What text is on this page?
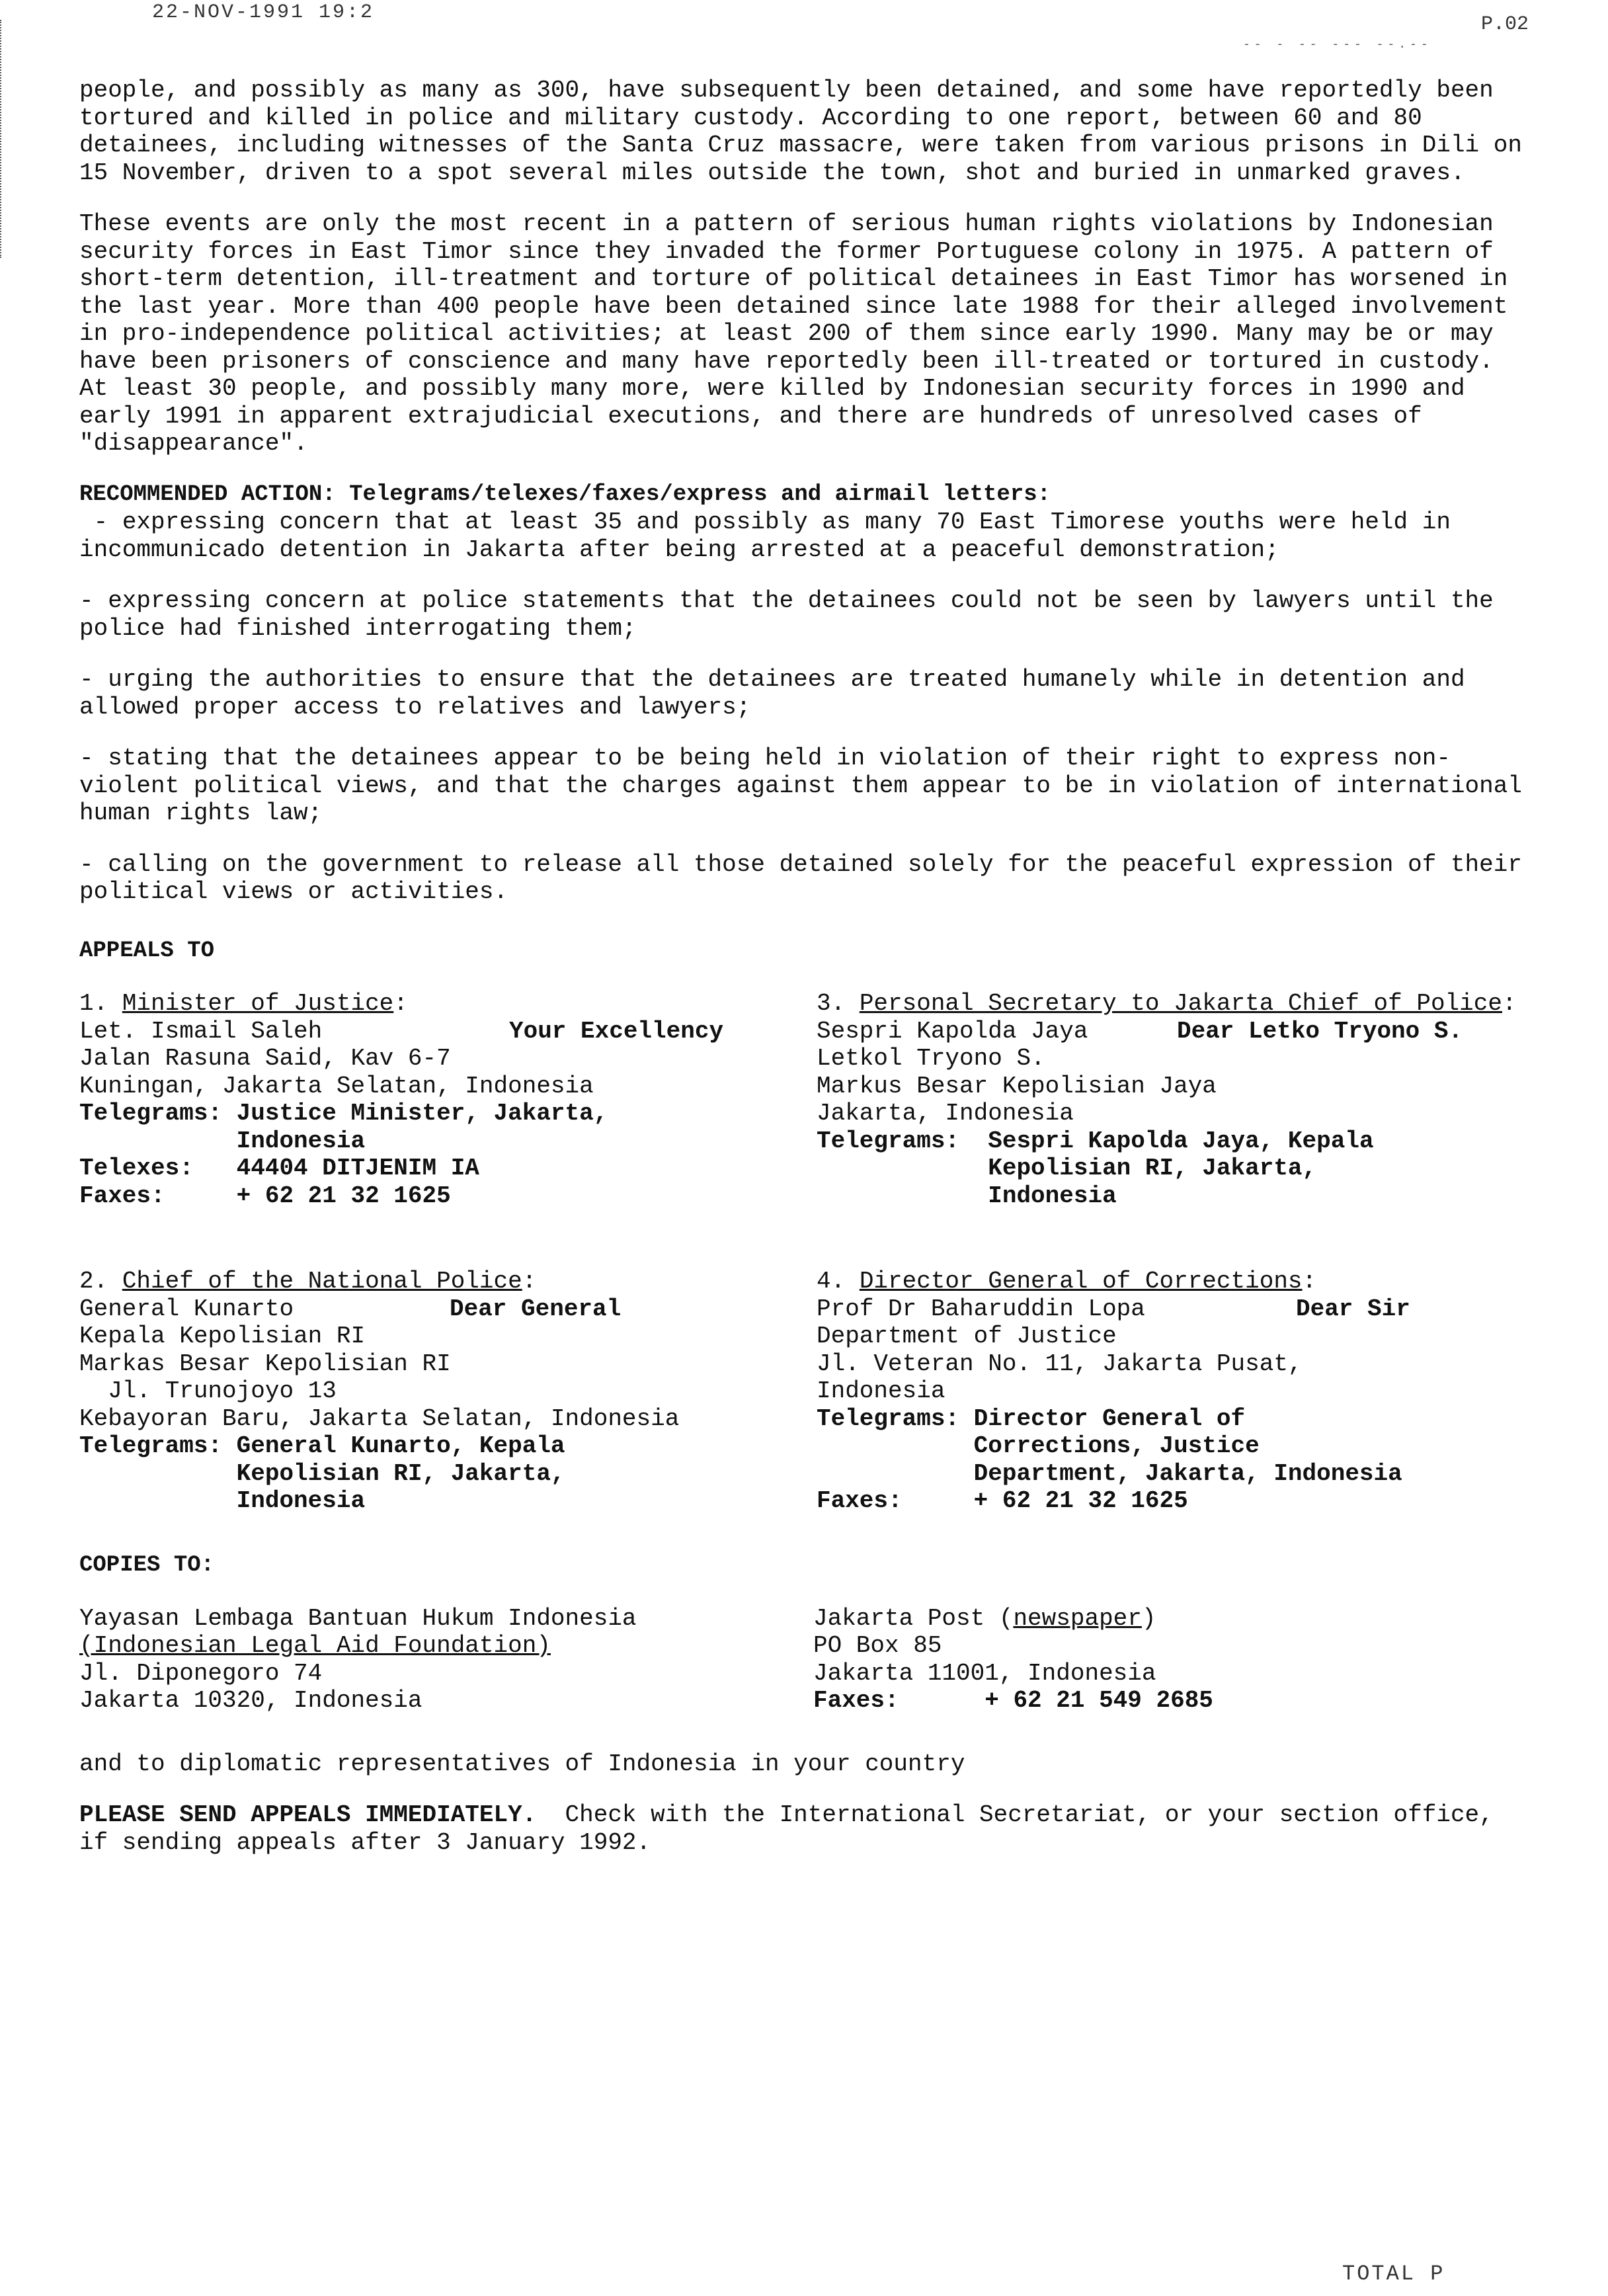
22-NOV-1991 19:2
P.02
-- - -- --- --.--

people, and possibly as many as 300, have subsequently been detained, and some have reportedly been tortured and killed in police and military custody. According to one report, between 60 and 80 detainees, including witnesses of the Santa Cruz massacre, were taken from various prisons in Dili on 15 November, driven to a spot several miles outside the town, shot and buried in unmarked graves.

These events are only the most recent in a pattern of serious human rights violations by Indonesian security forces in East Timor since they invaded the former Portuguese colony in 1975. A pattern of short-term detention, ill-treatment and torture of political detainees in East Timor has worsened in the last year. More than 400 people have been detained since late 1988 for their alleged involvement in pro-independence political activities; at least 200 of them since early 1990. Many may be or may have been prisoners of conscience and many have reportedly been ill-treated or tortured in custody. At least 30 people, and possibly many more, were killed by Indonesian security forces in 1990 and early 1991 in apparent extrajudicial executions, and there are hundreds of unresolved cases of "disappearance".

RECOMMENDED ACTION: Telegrams/telexes/faxes/express and airmail letters:

- expressing concern that at least 35 and possibly as many 70 East Timorese youths were held in incommunicado detention in Jakarta after being arrested at a peaceful demonstration;

- expressing concern at police statements that the detainees could not be seen by lawyers until the police had finished interrogating them;

- urging the authorities to ensure that the detainees are treated humanely while in detention and allowed proper access to relatives and lawyers;

- stating that the detainees appear to be being held in violation of their right to express non-violent political views, and that the charges against them appear to be in violation of international human rights law;

- calling on the government to release all those detained solely for the peaceful expression of their political views or activities.

APPEALS TO

1. Minister of Justice:
Let. Ismail Saleh	Your Excellency
Jalan Rasuna Said, Kav 6-7
Kuningan, Jakarta Selatan, Indonesia
Telegrams: Justice Minister, Jakarta,
Indonesia
Telexes: 44404 DITJENIM IA
Faxes: + 62 21 32 1625
3. Personal Secretary to Jakarta Chief of Police:
Sespri Kapolda Jaya	Dear Letko Tryono S.
Letkol Tryono S.
Markus Besar Kepolisian Jaya
Jakarta, Indonesia
Telegrams: Sespri Kapolda Jaya, Kepala
Kepolisian RI, Jakarta,
Indonesia
2. Chief of the National Police:
General Kunarto	Dear General
Kepala Kepolisian RI
Markas Besar Kepolisian RI
Jl. Trunojoyo 13
Kebayoran Baru, Jakarta Selatan, Indonesia
Telegrams: General Kunarto, Kepala
Kepolisian RI, Jakarta,
Indonesia
4. Director General of Corrections:
Prof Dr Baharuddin Lopa	Dear Sir
Department of Justice
Jl. Veteran No. 11, Jakarta Pusat,
Indonesia
Telegrams: Director General of
Corrections, Justice
Department, Jakarta, Indonesia
Faxes: + 62 21 32 1625

COPIES TO:

Yayasan Lembaga Bantuan Hukum Indonesia
(Indonesian Legal Aid Foundation)
Jl. Diponegoro 74
Jakarta 10320, Indonesia
Jakarta Post (newspaper)
PO Box 85
Jakarta 11001, Indonesia
Faxes: + 62 21 549 2685

and to diplomatic representatives of Indonesia in your country

PLEASE SEND APPEALS IMMEDIATELY.  Check with the International Secretariat, or your section office, if sending appeals after 3 January 1992.

TOTAL P
